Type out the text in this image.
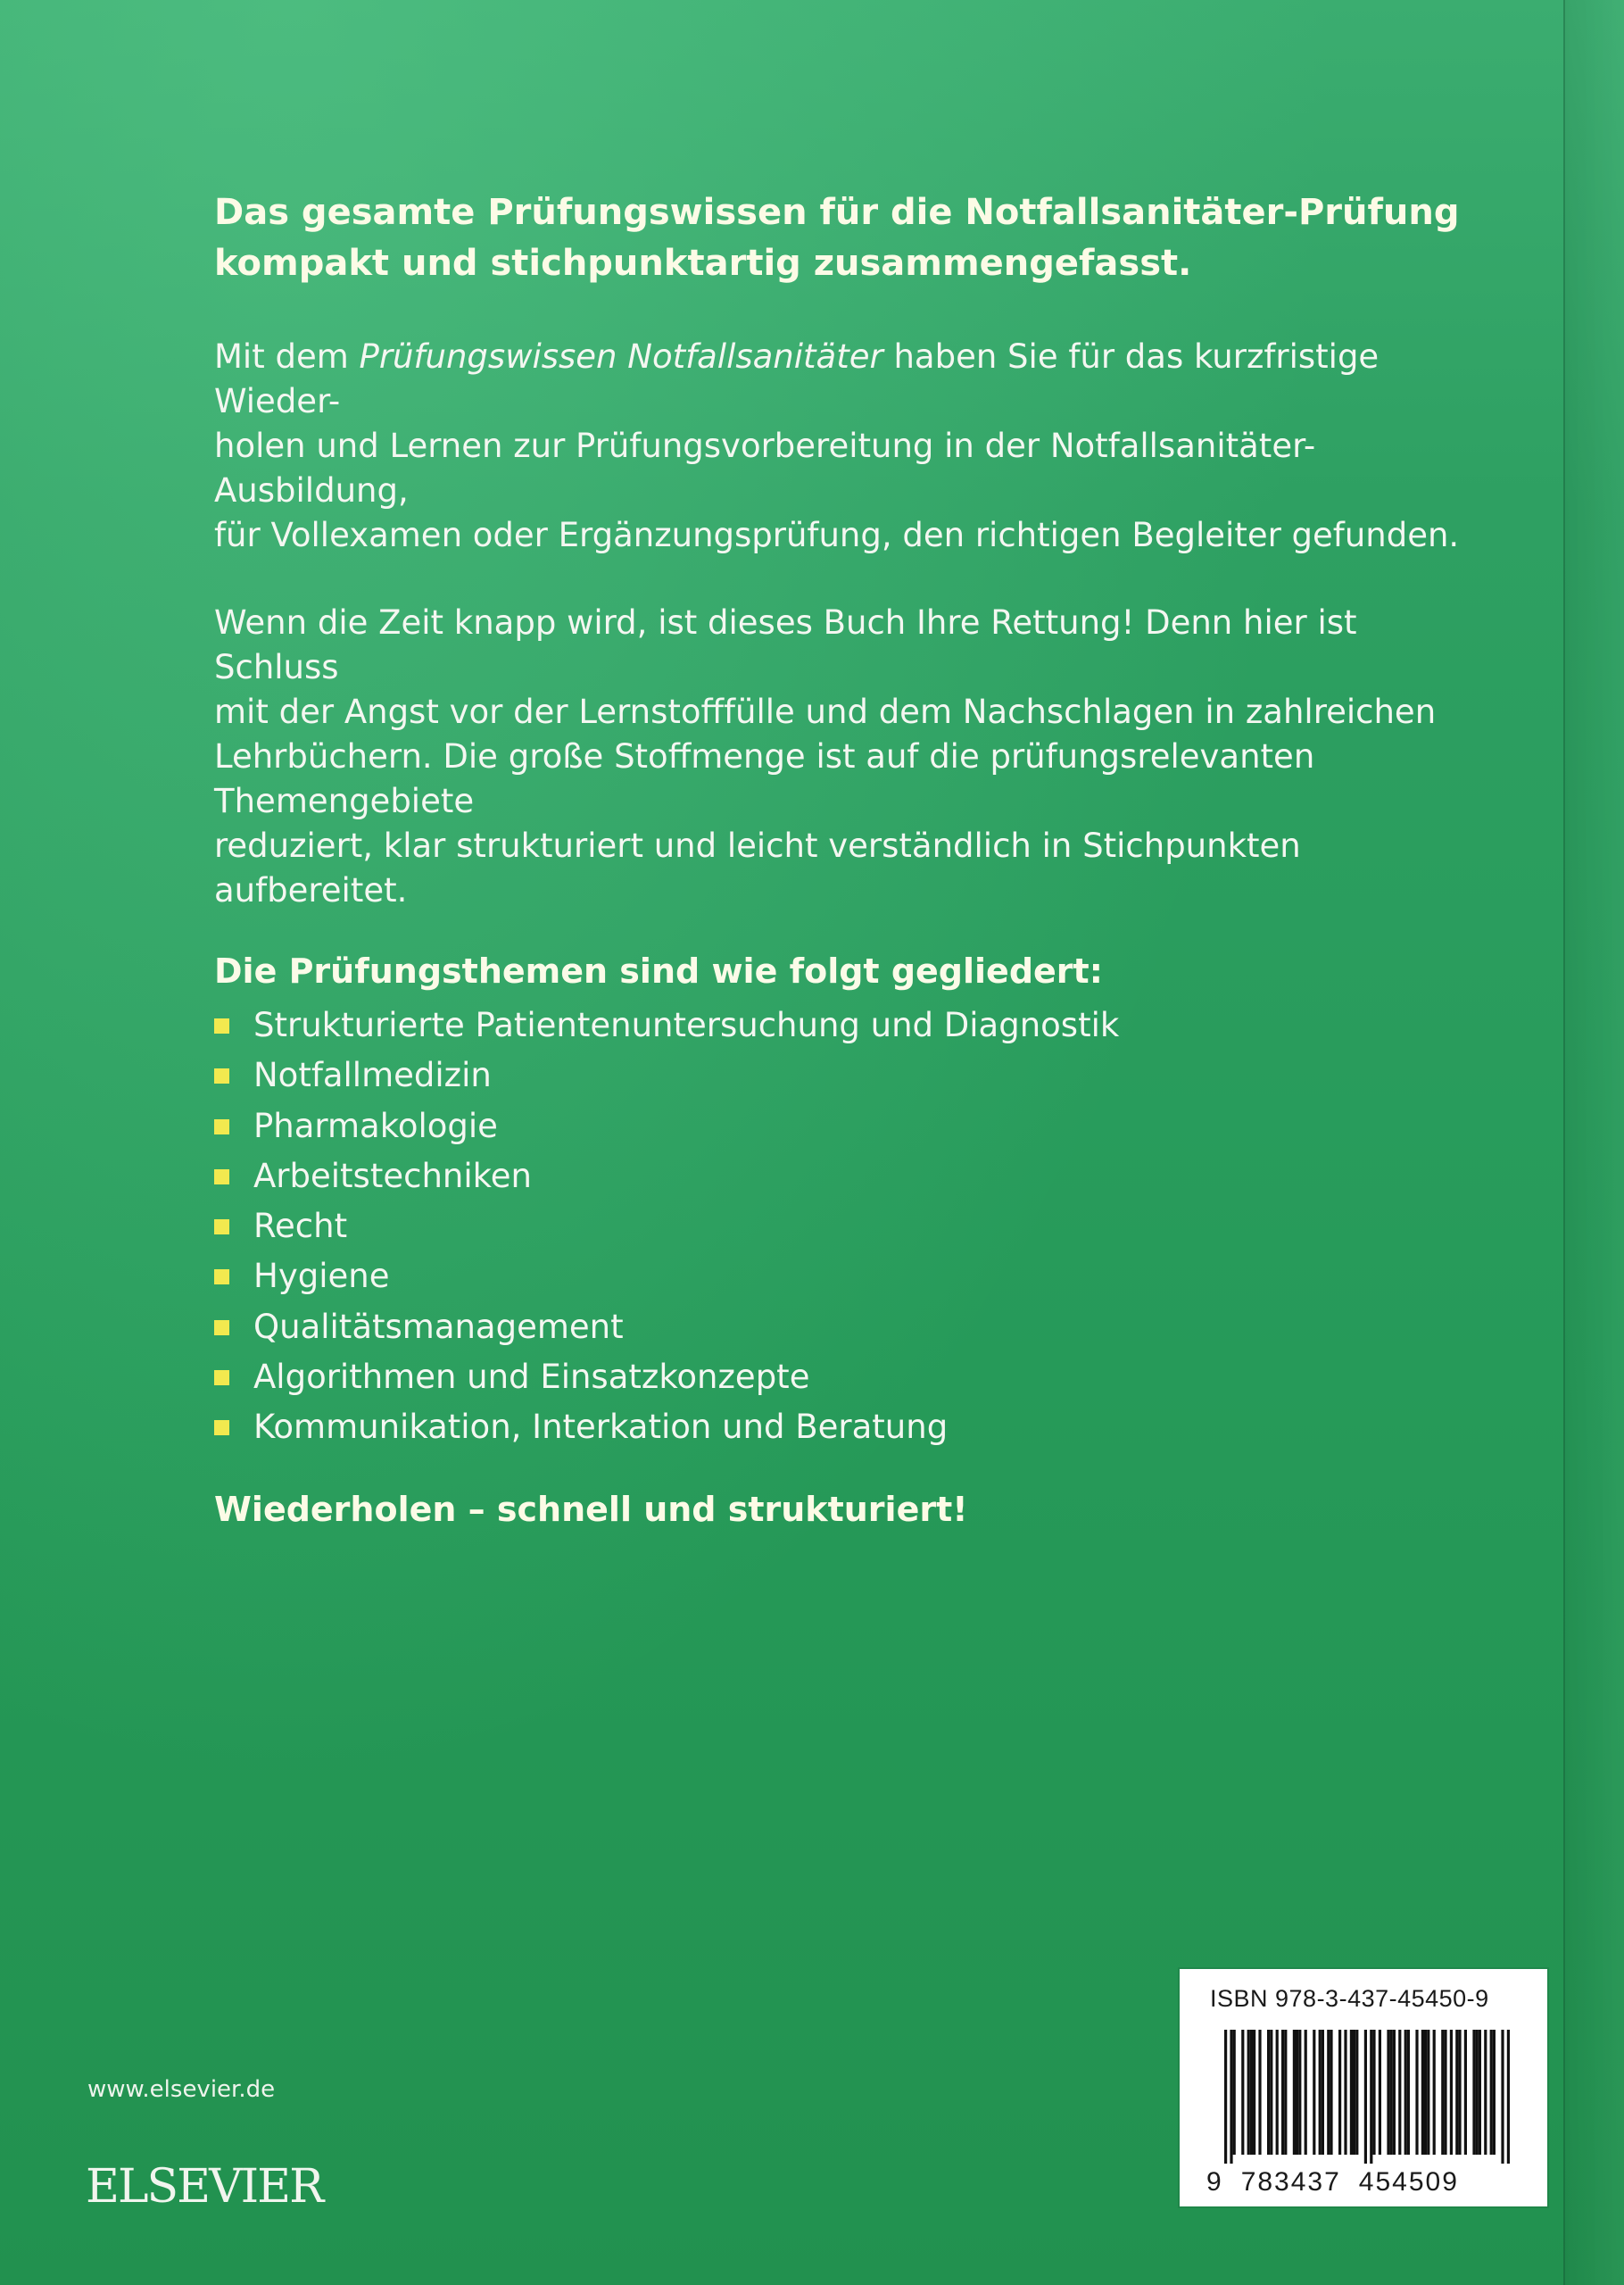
Das gesamte Prüfungswissen für die Notfallsanitäter-Prüfung
kompakt und stichpunktartig zusammengefasst.

Mit dem Prüfungswissen Notfallsanitäter haben Sie für das kurzfristige Wieder-
holen und Lernen zur Prüfungsvorbereitung in der Notfallsanitäter-Ausbildung,
für Vollexamen oder Ergänzungsprüfung, den richtigen Begleiter gefunden.

Wenn die Zeit knapp wird, ist dieses Buch Ihre Rettung! Denn hier ist Schluss
mit der Angst vor der Lernstofffülle und dem Nachschlagen in zahlreichen
Lehrbüchern. Die große Stoffmenge ist auf die prüfungsrelevanten Themengebiete
reduziert, klar strukturiert und leicht verständlich in Stichpunkten aufbereitet.

Die Prüfungsthemen sind wie folgt gegliedert:

Strukturierte Patientenuntersuchung und Diagnostik
Notfallmedizin
Pharmakologie
Arbeitstechniken
Recht
Hygiene
Qualitätsmanagement
Algorithmen und Einsatzkonzepte
Kommunikation, Interkation und Beratung

Wiederholen – schnell und strukturiert!

www.elsevier.de
ELSEVIER
ISBN 978-3-437-45450-9
9 783437 454509
